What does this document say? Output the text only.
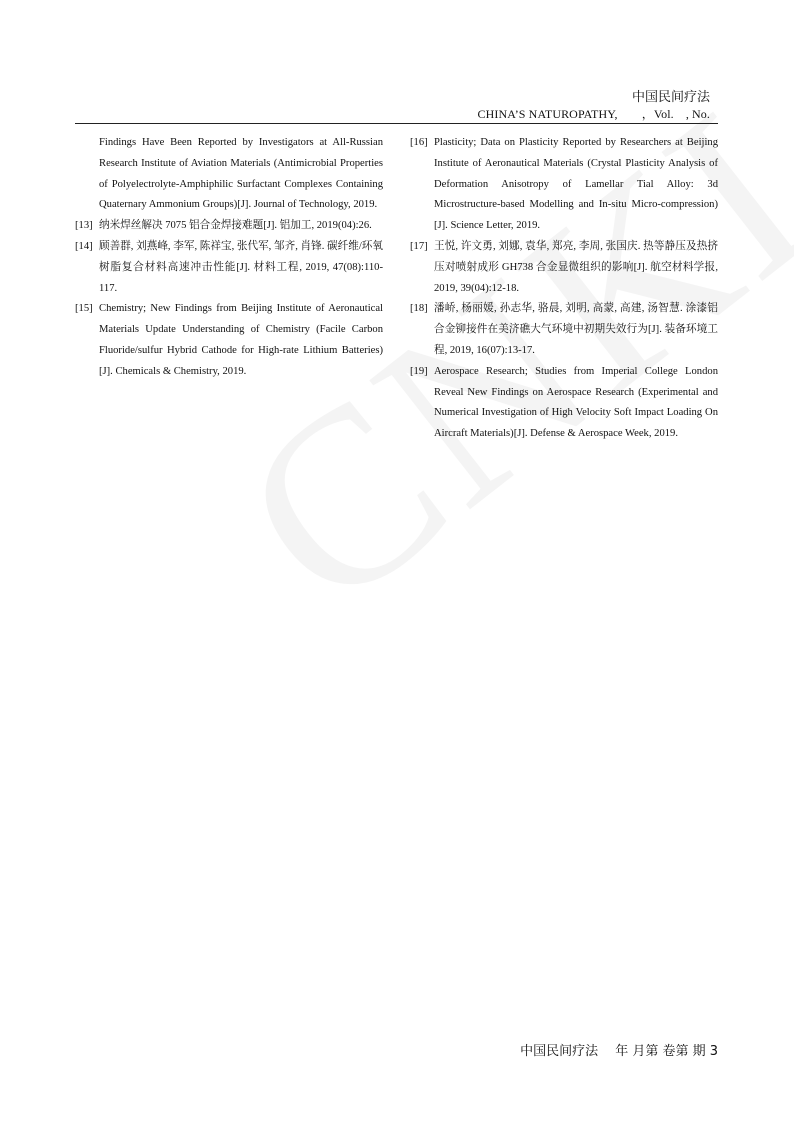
中国民间疗法
CHINA’S NATUROPATHY,　　，Vol.　, No.
Findings Have Been Reported by Investigators at All-Russian Research Institute of Aviation Materials (Antimicrobial Properties of Polyelectrolyte-Amphiphilic Surfactant Complexes Containing Quaternary Ammonium Groups)[J]. Journal of Technology, 2019.
[13] 纳米焊丝解决 7075 铝合金焊接难题[J]. 铝加工, 2019(04):26.
[14] 顾善群, 刘燕峰, 李军, 陈祥宝, 张代军, 邹齐, 肖锋. 碳纤维/环氧树脂复合材料高速冲击性能[J]. 材料工程, 2019, 47(08):110-117.
[15] Chemistry; New Findings from Beijing Institute of Aeronautical Materials Update Understanding of Chemistry (Facile Carbon Fluoride/sulfur Hybrid Cathode for High-rate Lithium Batteries)[J]. Chemicals & Chemistry, 2019.
[16] Plasticity; Data on Plasticity Reported by Researchers at Beijing Institute of Aeronautical Materials (Crystal Plasticity Analysis of Deformation Anisotropy of Lamellar Tial Alloy: 3d Microstructure-based Modelling and In-situ Micro-compression)[J]. Science Letter, 2019.
[17] 王悦, 许文勇, 刘娜, 袁华, 郑亮, 李周, 张国庆. 热等静压及热挤压对喷射成形 GH738 合金显微组织的影响[J]. 航空材料学报, 2019, 39(04):12-18.
[18] 潘峤, 杨丽媛, 孙志华, 骆晨, 刘明, 高蒙, 高建, 汤智慧. 涂漆铝合金铆接件在美济礁大气环境中初期失效行为[J]. 装备环境工程, 2019, 16(07):13-17.
[19] Aerospace Research; Studies from Imperial College London Reveal New Findings on Aerospace Research (Experimental and Numerical Investigation of High Velocity Soft Impact Loading On Aircraft Materials)[J]. Defense & Aerospace Week, 2019.
中国民间疗法　 年 月第 卷第 期 3
